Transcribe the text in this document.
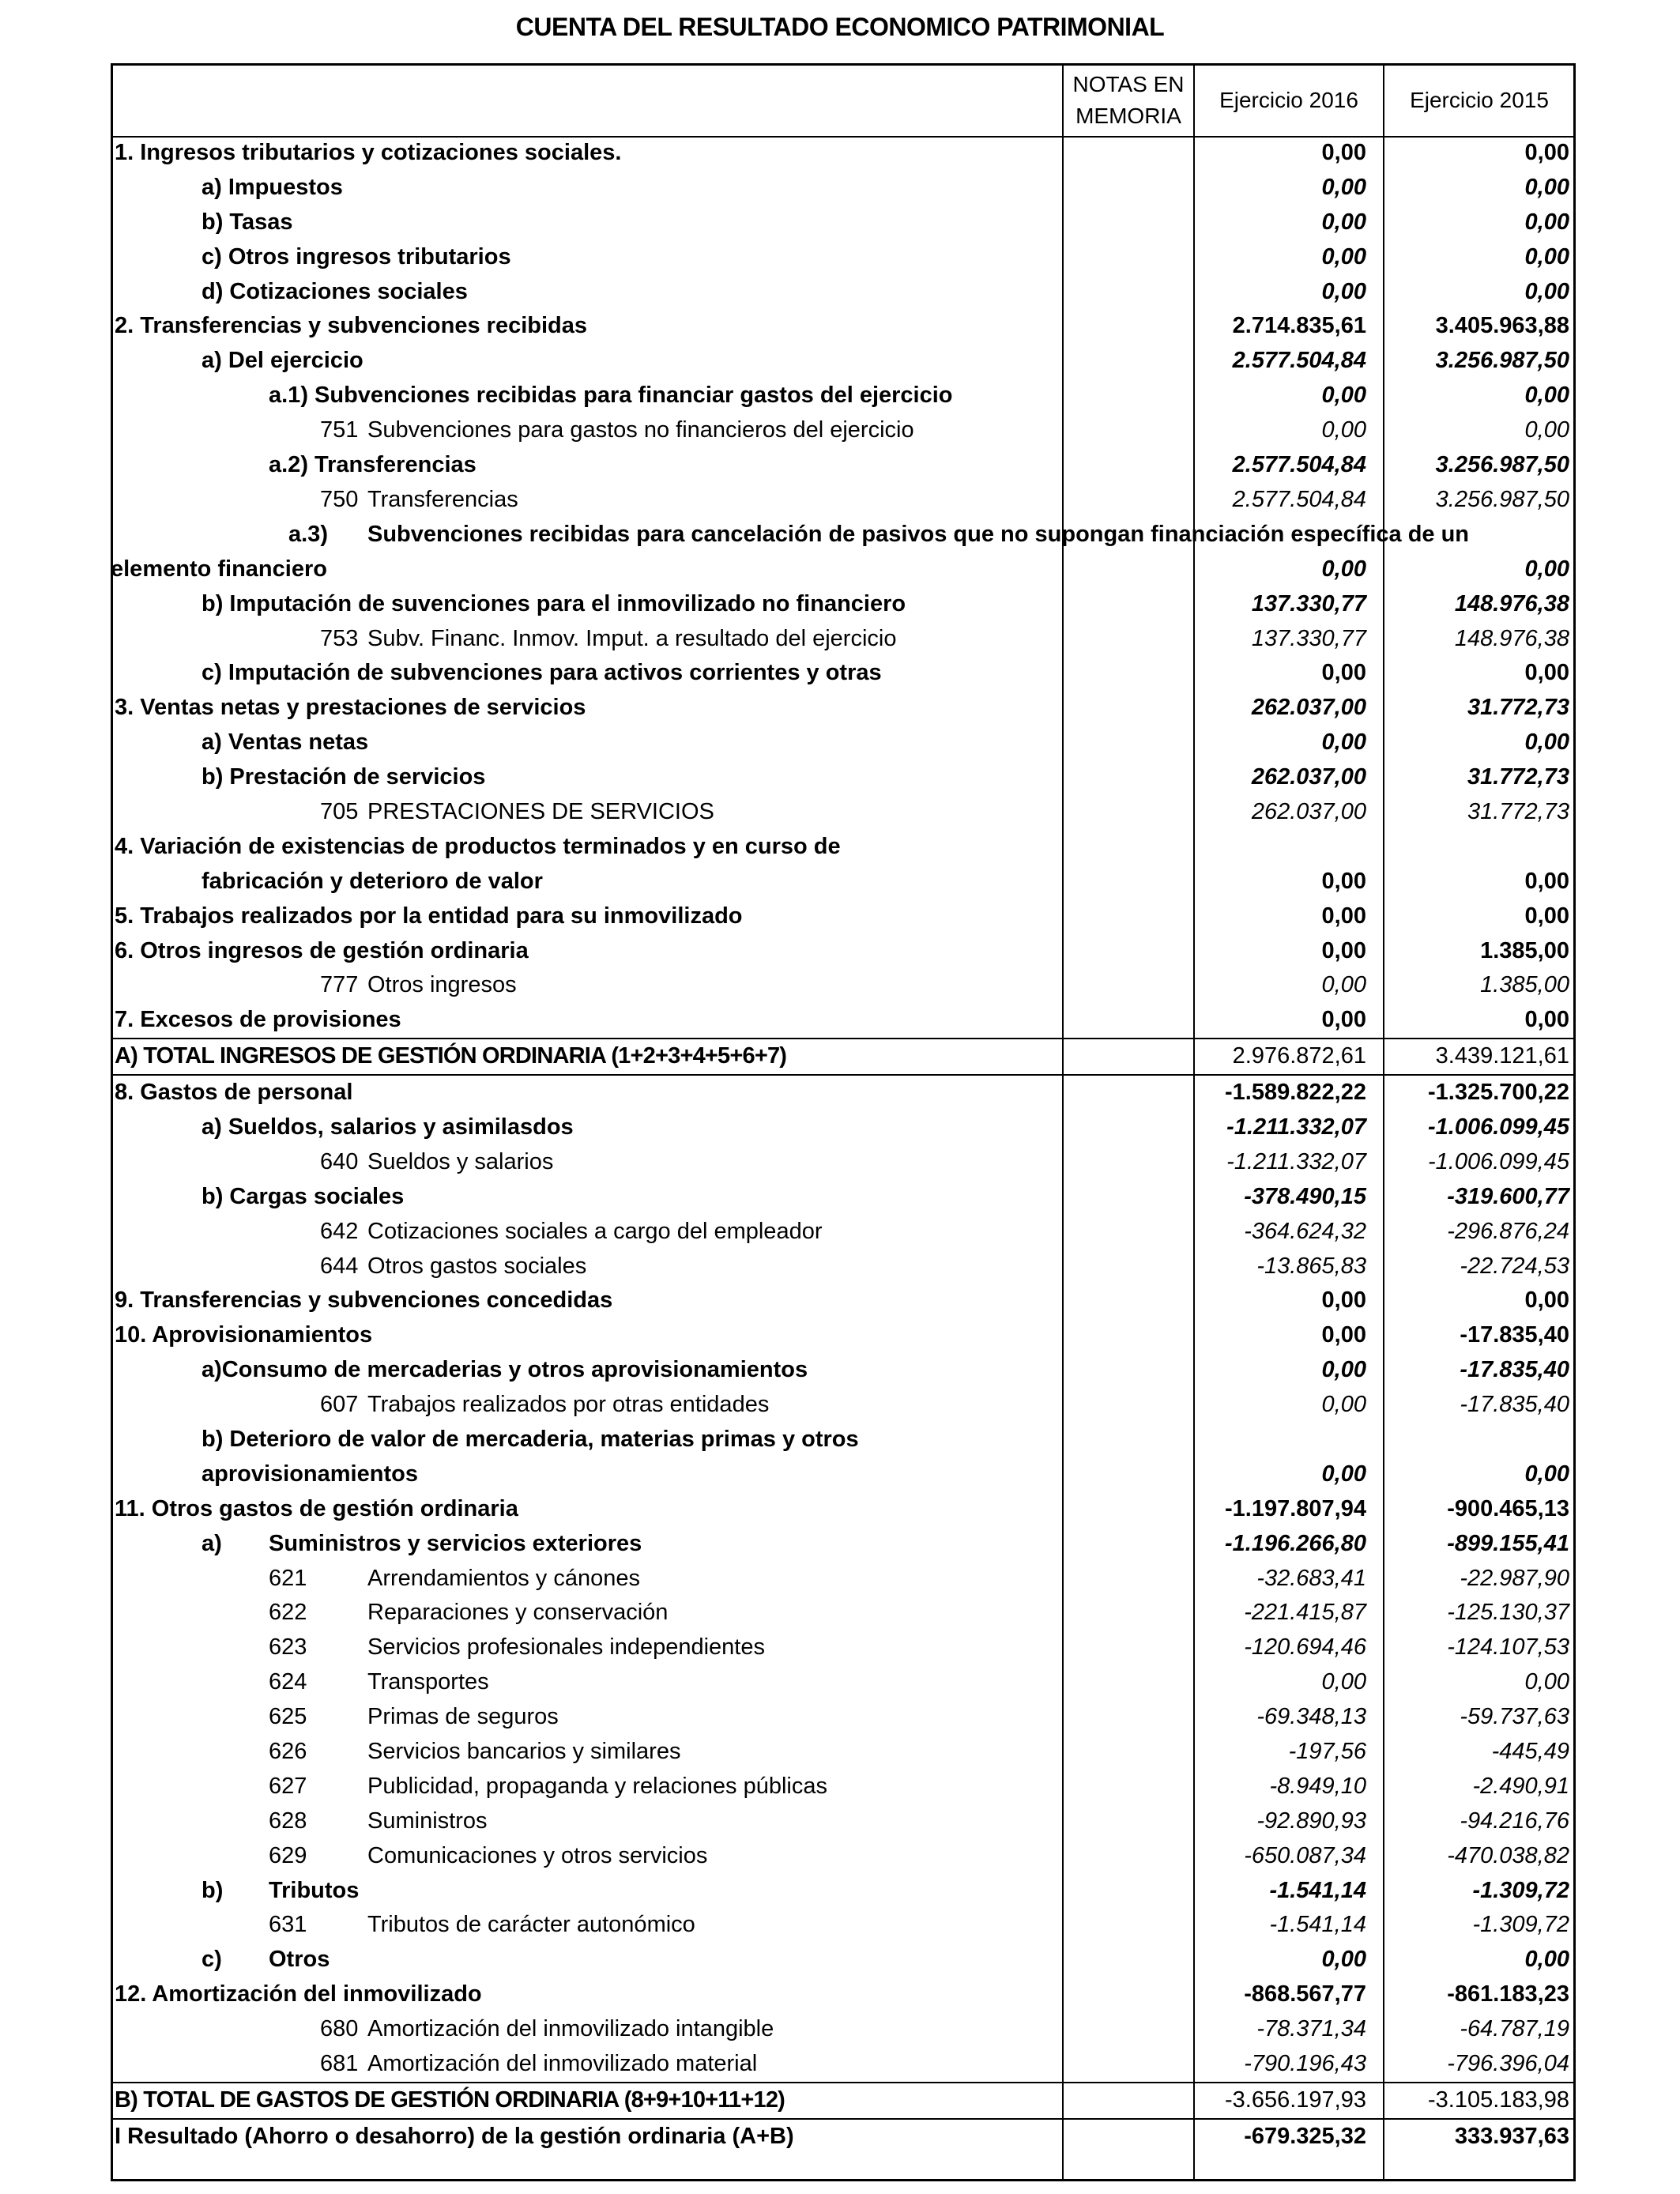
CUENTA DEL RESULTADO ECONOMICO PATRIMONIAL
NOTAS EN MEMORIA
Ejercicio 2016	Ejercicio 2015
1. Ingresos tributarios y cotizaciones sociales.	0,00	0,00
a) Impuestos	0,00	0,00
b) Tasas	0,00	0,00
c) Otros ingresos tributarios	0,00	0,00
d) Cotizaciones sociales	0,00	0,00
2. Transferencias y subvenciones recibidas	2.714.835,61	3.405.963,88
a) Del ejercicio	2.577.504,84	3.256.987,50
a.1) Subvenciones recibidas para financiar gastos del ejercicio	0,00	0,00
751 Subvenciones para gastos no financieros del ejercicio	0,00	0,00
a.2) Transferencias	2.577.504,84	3.256.987,50
750 Transferencias	2.577.504,84	3.256.987,50
a.3) Subvenciones recibidas para cancelación de pasivos que no supongan financiación específica de un elemento financiero	0,00	0,00
b) Imputación de suvenciones para el inmovilizado no financiero	137.330,77	148.976,38
753 Subv. Financ. Inmov. Imput. a resultado del ejercicio	137.330,77	148.976,38
c) Imputación de subvenciones para activos corrientes y otras	0,00	0,00
3. Ventas netas y prestaciones de servicios	262.037,00	31.772,73
a) Ventas netas	0,00	0,00
b) Prestación de servicios	262.037,00	31.772,73
705 PRESTACIONES DE SERVICIOS	262.037,00	31.772,73
4. Variación de existencias de productos terminados y en curso de
fabricación y deterioro de valor	0,00	0,00
5. Trabajos realizados por la entidad para su inmovilizado	0,00	0,00
6. Otros ingresos de gestión ordinaria	0,00	1.385,00
777 Otros ingresos	0,00	1.385,00
7. Excesos de provisiones	0,00	0,00
A) TOTAL INGRESOS DE GESTIÓN ORDINARIA (1+2+3+4+5+6+7)	2.976.872,61	3.439.121,61
8. Gastos de personal	-1.589.822,22	-1.325.700,22
a) Sueldos, salarios y asimilasdos	-1.211.332,07	-1.006.099,45
640 Sueldos y salarios	-1.211.332,07	-1.006.099,45
b) Cargas sociales	-378.490,15	-319.600,77
642 Cotizaciones sociales a cargo del empleador	-364.624,32	-296.876,24
644 Otros gastos sociales	-13.865,83	-22.724,53
9. Transferencias y subvenciones concedidas	0,00	0,00
10. Aprovisionamientos	0,00	-17.835,40
a)Consumo de mercaderias y otros aprovisionamientos	0,00	-17.835,40
607 Trabajos realizados por otras entidades	0,00	-17.835,40
b) Deterioro de valor de mercaderia, materias primas y otros
aprovisionamientos	0,00	0,00
11. Otros gastos de gestión ordinaria	-1.197.807,94	-900.465,13
a) Suministros y servicios exteriores	-1.196.266,80	-899.155,41
621	Arrendamientos y cánones	-32.683,41	-22.987,90
622	Reparaciones y conservación	-221.415,87	-125.130,37
623	Servicios profesionales independientes	-120.694,46	-124.107,53
624	Transportes	0,00	0,00
625	Primas de seguros	-69.348,13	-59.737,63
626	Servicios bancarios y similares	-197,56	-445,49
627	Publicidad, propaganda y relaciones públicas	-8.949,10	-2.490,91
628	Suministros	-92.890,93	-94.216,76
629	Comunicaciones y otros servicios	-650.087,34	-470.038,82
b) Tributos	-1.541,14	-1.309,72
631	Tributos de carácter autonómico	-1.541,14	-1.309,72
c) Otros	0,00	0,00
12. Amortización del inmovilizado	-868.567,77	-861.183,23
680 Amortización del inmovilizado intangible	-78.371,34	-64.787,19
681 Amortización del inmovilizado material	-790.196,43	-796.396,04
B) TOTAL DE GASTOS DE GESTIÓN ORDINARIA (8+9+10+11+12)	-3.656.197,93	-3.105.183,98
I Resultado (Ahorro o desahorro) de la gestión ordinaria (A+B)	-679.325,32	333.937,63
